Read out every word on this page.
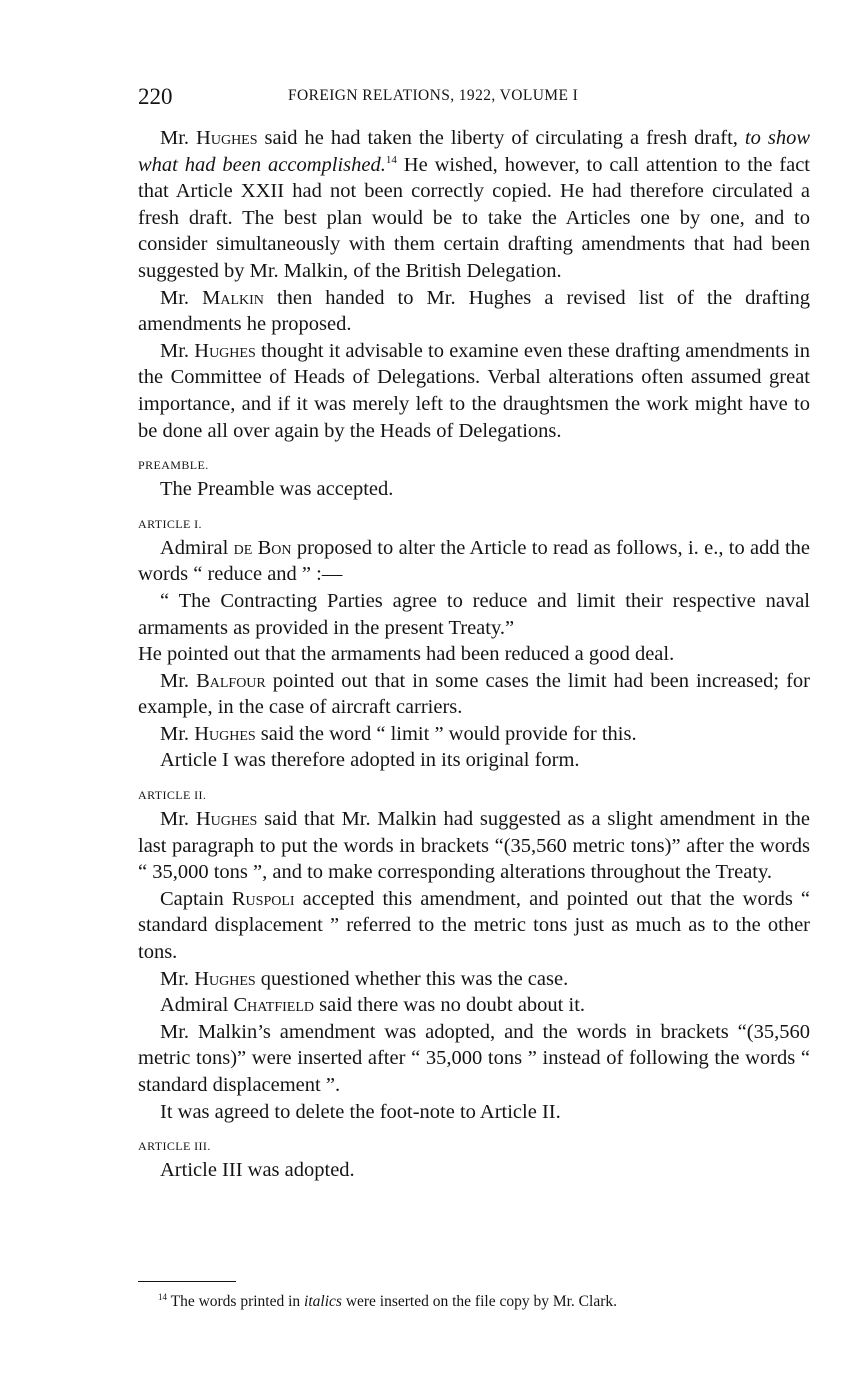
220	FOREIGN RELATIONS, 1922, VOLUME I

Mr. Hughes said he had taken the liberty of circulating a fresh draft, to show what had been accomplished.$^{14}$ He wished, however, to call attention to the fact that Article XXII had not been correctly copied. He had therefore circulated a fresh draft. The best plan would be to take the Articles one by one, and to consider simultaneously with them certain drafting amendments that had been suggested by Mr. Malkin, of the British Delegation.

Mr. Malkin then handed to Mr. Hughes a revised list of the drafting amendments he proposed.

Mr. Hughes thought it advisable to examine even these drafting amendments in the Committee of Heads of Delegations. Verbal alterations often assumed great importance, and if it was merely left to the draughtsmen the work might have to be done all over again by the Heads of Delegations.

PREAMBLE.

The Preamble was accepted.

ARTICLE I.

Admiral de Bon proposed to alter the Article to read as follows, i. e., to add the words “ reduce and ” :—

“ The Contracting Parties agree to reduce and limit their respective naval armaments as provided in the present Treaty.”

He pointed out that the armaments had been reduced a good deal.

Mr. Balfour pointed out that in some cases the limit had been increased; for example, in the case of aircraft carriers.

Mr. Hughes said the word “ limit ” would provide for this.

Article I was therefore adopted in its original form.

ARTICLE II.

Mr. Hughes said that Mr. Malkin had suggested as a slight amendment in the last paragraph to put the words in brackets “(35,560 metric tons)” after the words “ 35,000 tons ”, and to make corresponding alterations throughout the Treaty.

Captain Ruspoli accepted this amendment, and pointed out that the words “ standard displacement ” referred to the metric tons just as much as to the other tons.

Mr. Hughes questioned whether this was the case.

Admiral Chatfield said there was no doubt about it.

Mr. Malkin’s amendment was adopted, and the words in brackets “(35,560 metric tons)” were inserted after “ 35,000 tons ” instead of following the words “ standard displacement ”.

It was agreed to delete the foot-note to Article II.

ARTICLE III.

Article III was adopted.

$^{14}$ The words printed in italics were inserted on the file copy by Mr. Clark.
